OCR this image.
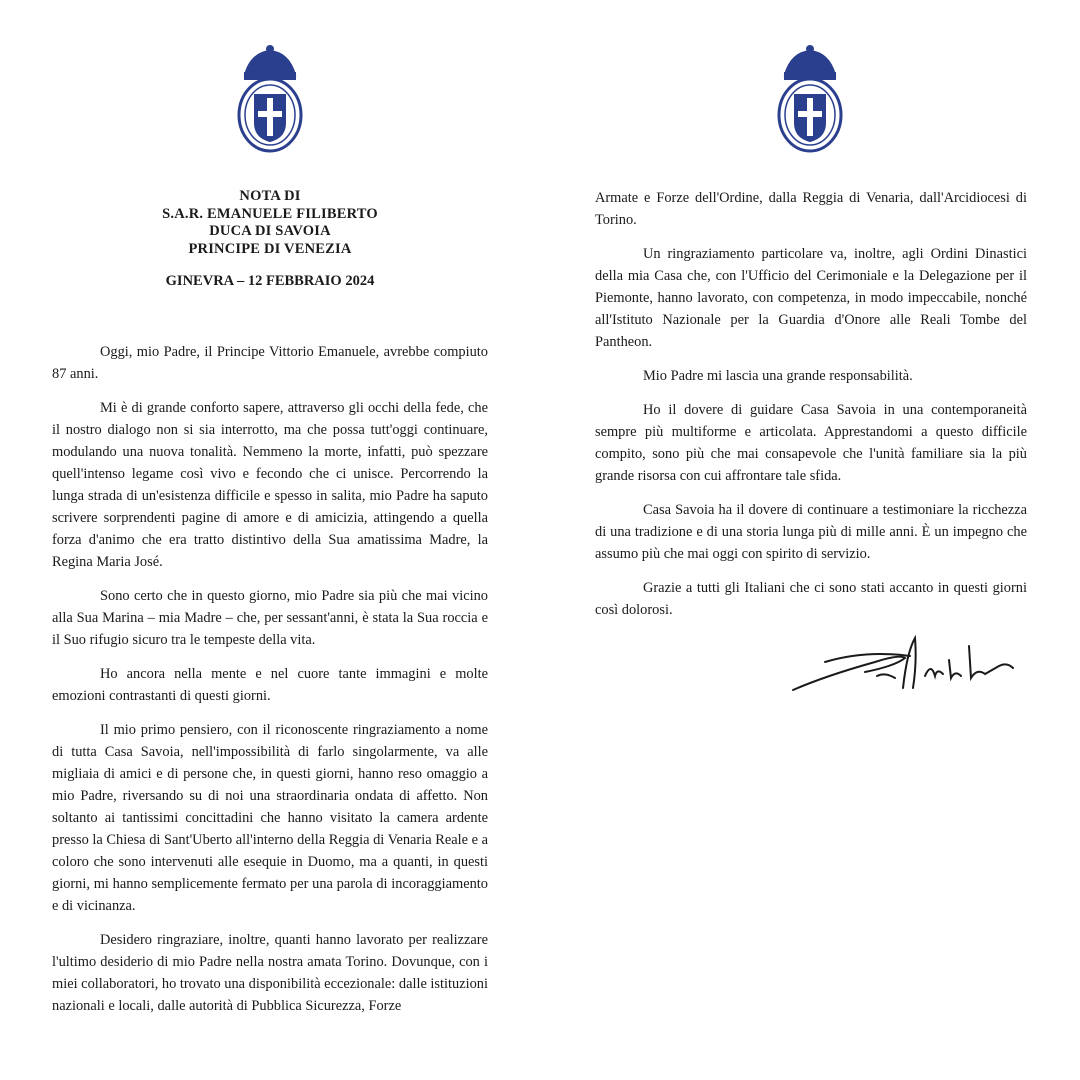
NOTA DI
S.A.R. EMANUELE FILIBERTO
DUCA DI SAVOIA
PRINCIPE DI VENEZIA
GINEVRA – 12 FEBBRAIO 2024

Oggi, mio Padre, il Principe Vittorio Emanuele, avrebbe compiuto 87 anni.

Mi è di grande conforto sapere, attraverso gli occhi della fede, che il nostro dialogo non si sia interrotto, ma che possa tutt'oggi continuare, modulando una nuova tonalità. Nemmeno la morte, infatti, può spezzare quell'intenso legame così vivo e fecondo che ci unisce. Percorrendo la lunga strada di un'esistenza difficile e spesso in salita, mio Padre ha saputo scrivere sorprendenti pagine di amore e di amicizia, attingendo a quella forza d'animo che era tratto distintivo della Sua amatissima Madre, la Regina Maria José.

Sono certo che in questo giorno, mio Padre sia più che mai vicino alla Sua Marina – mia Madre – che, per sessant'anni, è stata la Sua roccia e il Suo rifugio sicuro tra le tempeste della vita.

Ho ancora nella mente e nel cuore tante immagini e molte emozioni contrastanti di questi giorni.

Il mio primo pensiero, con il riconoscente ringraziamento a nome di tutta Casa Savoia, nell'impossibilità di farlo singolarmente, va alle migliaia di amici e di persone che, in questi giorni, hanno reso omaggio a mio Padre, riversando su di noi una straordinaria ondata di affetto. Non soltanto ai tantissimi concittadini che hanno visitato la camera ardente presso la Chiesa di Sant'Uberto all'interno della Reggia di Venaria Reale e a coloro che sono intervenuti alle esequie in Duomo, ma a quanti, in questi giorni, mi hanno semplicemente fermato per una parola di incoraggiamento e di vicinanza.

Desidero ringraziare, inoltre, quanti hanno lavorato per realizzare l'ultimo desiderio di mio Padre nella nostra amata Torino. Dovunque, con i miei collaboratori, ho trovato una disponibilità eccezionale: dalle istituzioni nazionali e locali, dalle autorità di Pubblica Sicurezza, Forze

Armate e Forze dell'Ordine, dalla Reggia di Venaria, dall'Arcidiocesi di Torino.

Un ringraziamento particolare va, inoltre, agli Ordini Dinastici della mia Casa che, con l'Ufficio del Cerimoniale e la Delegazione per il Piemonte, hanno lavorato, con competenza, in modo impeccabile, nonché all'Istituto Nazionale per la Guardia d'Onore alle Reali Tombe del Pantheon.

Mio Padre mi lascia una grande responsabilità.

Ho il dovere di guidare Casa Savoia in una contemporaneità sempre più multiforme e articolata. Apprestandomi a questo difficile compito, sono più che mai consapevole che l'unità familiare sia la più grande risorsa con cui affrontare tale sfida.

Casa Savoia ha il dovere di continuare a testimoniare la ricchezza di una tradizione e di una storia lunga più di mille anni. È un impegno che assumo più che mai oggi con spirito di servizio.

Grazie a tutti gli Italiani che ci sono stati accanto in questi giorni così dolorosi.
